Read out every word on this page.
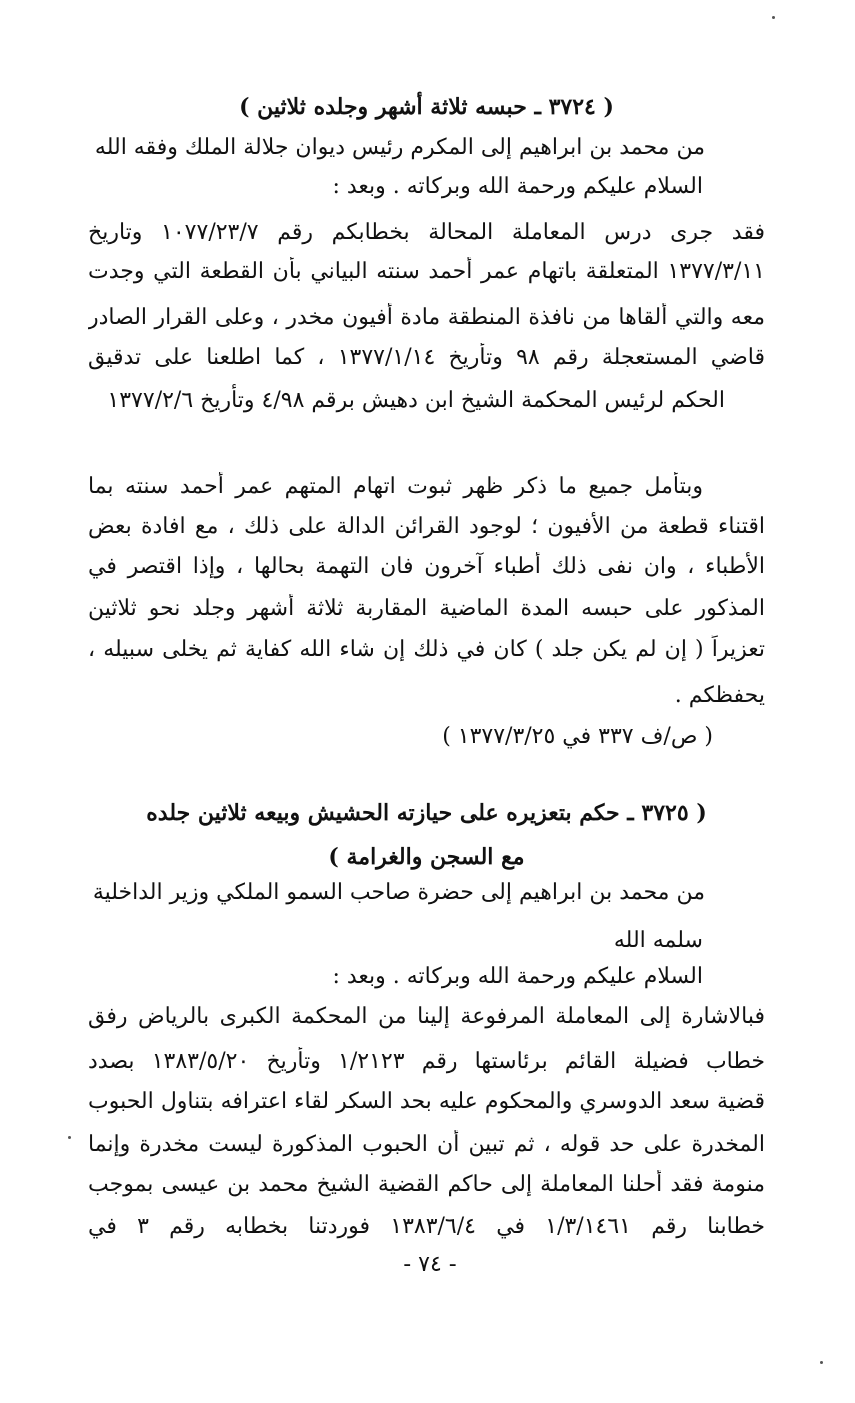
( ٣٧٢٤ ـ حبسه ثلاثة أشهر وجلده ثلاثين )
من محمد بن ابراهيم إلى المكرم رئيس ديوان جلالة الملك وفقه الله
السلام عليكم ورحمة الله وبركاته . وبعد :
فقد جرى درس المعاملة المحالة بخطابكم رقم ١٠٧٧/٢٣/٧ وتاريخ
١٣٧٧/٣/١١ المتعلقة باتهام عمر أحمد سنته البياني بأن القطعة التي وجدت
معه والتي ألقاها من نافذة المنطقة مادة أفيون مخدر ، وعلى القرار الصادر
قاضي المستعجلة رقم ٩٨ وتأريخ ١٣٧٧/١/١٤ ، كما اطلعنا على تدقيق
الحكم لرئيس المحكمة الشيخ ابن دهيش برقم ٤/٩٨ وتأريخ ١٣٧٧/٢/٦
وبتأمل جميع ما ذكر ظهر ثبوت اتهام المتهم عمر أحمد سنته بما
اقتناء قطعة من الأفيون ؛ لوجود القرائن الدالة على ذلك ، مع افادة بعض
الأطباء ، وان نفى ذلك أطباء آخرون فان التهمة بحالها ، وإذا اقتصر في
المذكور على حبسه المدة الماضية المقاربة ثلاثة أشهر وجلد نحو ثلاثين
تعزيراً ( إن لم يكن جلد ) كان في ذلك إن شاء الله كفاية ثم يخلى سبيله ،
يحفظكم .
( ص/ف ٣٣٧ في ١٣٧٧/٣/٢٥ )
( ٣٧٢٥ ـ حكم بتعزيره على حيازته الحشيش وبيعه ثلاثين جلده
مع السجن والغرامة )
من محمد بن ابراهيم إلى حضرة صاحب السمو الملكي وزير الداخلية
سلمه الله
السلام عليكم ورحمة الله وبركاته . وبعد :
فبالاشارة إلى المعاملة المرفوعة إلينا من المحكمة الكبرى بالرياض رفق
خطاب فضيلة القائم برئاستها رقم ١/٢١٢٣ وتأريخ ١٣٨٣/٥/٢٠ بصدد
قضية سعد الدوسري والمحكوم عليه بحد السكر لقاء اعترافه بتناول الحبوب
المخدرة على حد قوله ، ثم تبين أن الحبوب المذكورة ليست مخدرة وإنما
منومة فقد أحلنا المعاملة إلى حاكم القضية الشيخ محمد بن عيسى بموجب
خطابنا رقم ١/٣/١٤٦١ في ١٣٨٣/٦/٤ فوردتنا بخطابه رقم ٣ في
- ٧٤ -
